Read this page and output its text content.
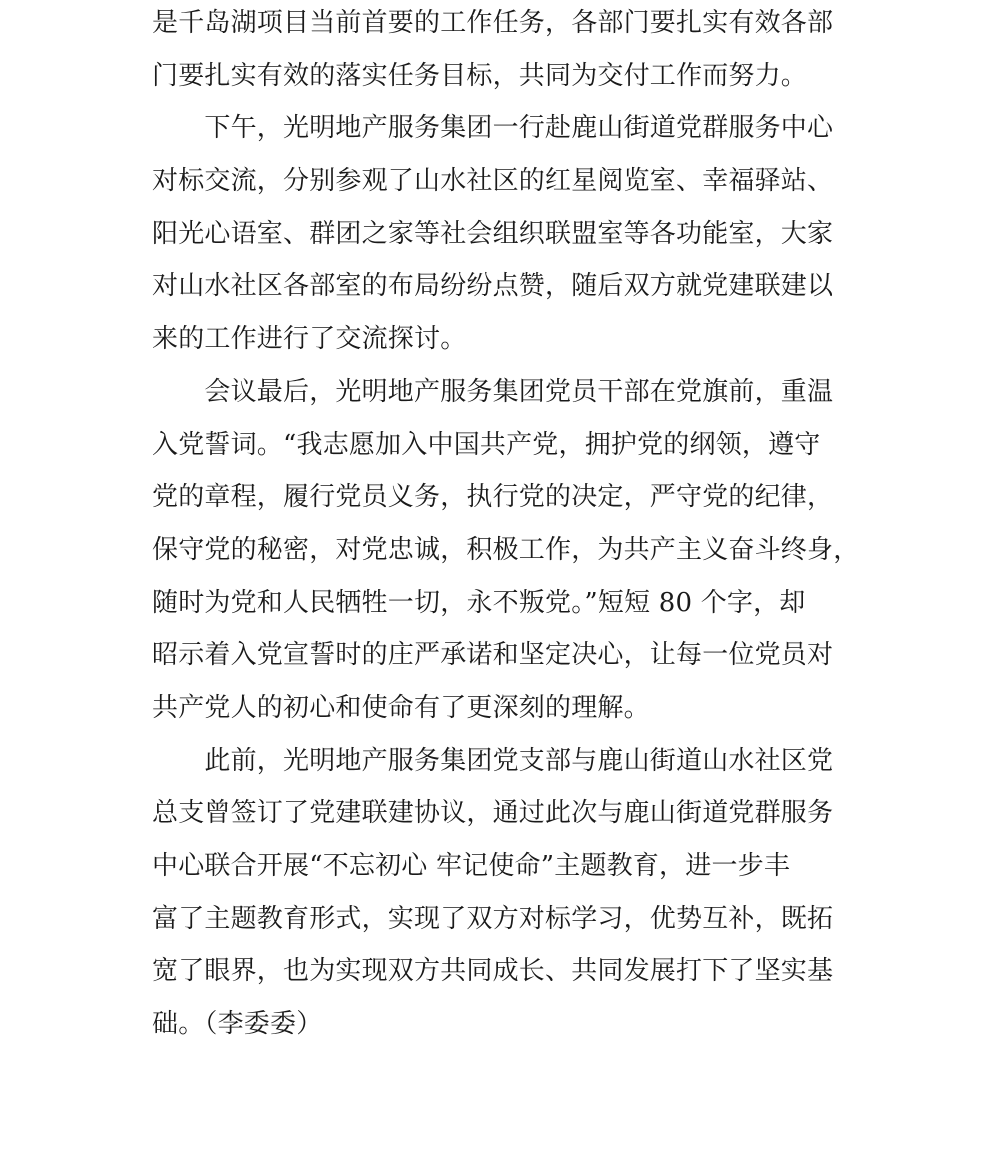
是千岛湖项目当前首要的工作任务，各部门要扎实有效各部
门要扎实有效的落实任务目标，共同为交付工作而努力。
　　下午，光明地产服务集团一行赴鹿山街道党群服务中心
对标交流，分别参观了山水社区的红星阅览室、幸福驿站、
阳光心语室、群团之家等社会组织联盟室等各功能室，大家
对山水社区各部室的布局纷纷点赞，随后双方就党建联建以
来的工作进行了交流探讨。
　　会议最后，光明地产服务集团党员干部在党旗前，重温
入党誓词。“我志愿加入中国共产党，拥护党的纲领，遵守
党的章程，履行党员义务，执行党的决定，严守党的纪律，
保守党的秘密，对党忠诚，积极工作，为共产主义奋斗终身，
随时为党和人民牺牲一切，永不叛党。”短短 80 个字，却
昭示着入党宣誓时的庄严承诺和坚定决心，让每一位党员对
共产党人的初心和使命有了更深刻的理解。
　　此前，光明地产服务集团党支部与鹿山街道山水社区党
总支曾签订了党建联建协议，通过此次与鹿山街道党群服务
中心联合开展“不忘初心 牢记使命”主题教育，进一步丰
富了主题教育形式，实现了双方对标学习，优势互补，既拓
宽了眼界，也为实现双方共同成长、共同发展打下了坚实基
础。（李委委）
